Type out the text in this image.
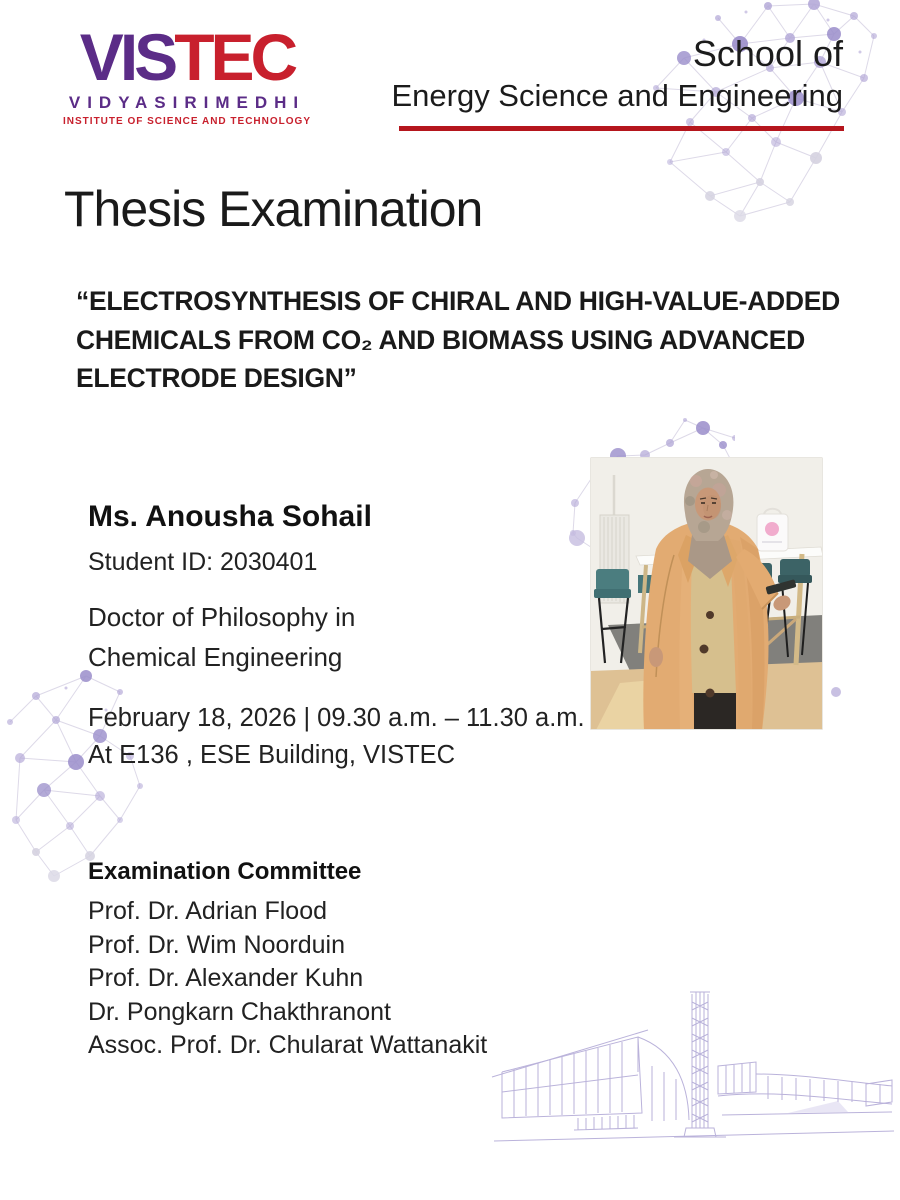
VISTEC
VIDYASIRIMEDHI
INSTITUTE OF SCIENCE AND TECHNOLOGY
School of
Energy Science and Engineering
Thesis Examination
“ELECTROSYNTHESIS OF CHIRAL AND HIGH-VALUE-ADDED
CHEMICALS FROM CO₂ AND BIOMASS USING ADVANCED
ELECTRODE DESIGN”
Ms. Anousha Sohail
Student ID: 2030401
Doctor of Philosophy in
Chemical Engineering
February 18, 2026 | 09.30 a.m. – 11.30 a.m.
At E136 , ESE Building, VISTEC
Examination Committee
Prof. Dr. Adrian Flood
Prof. Dr. Wim Noorduin
Prof. Dr. Alexander Kuhn
Dr. Pongkarn Chakthranont
Assoc. Prof. Dr. Chularat Wattanakit
